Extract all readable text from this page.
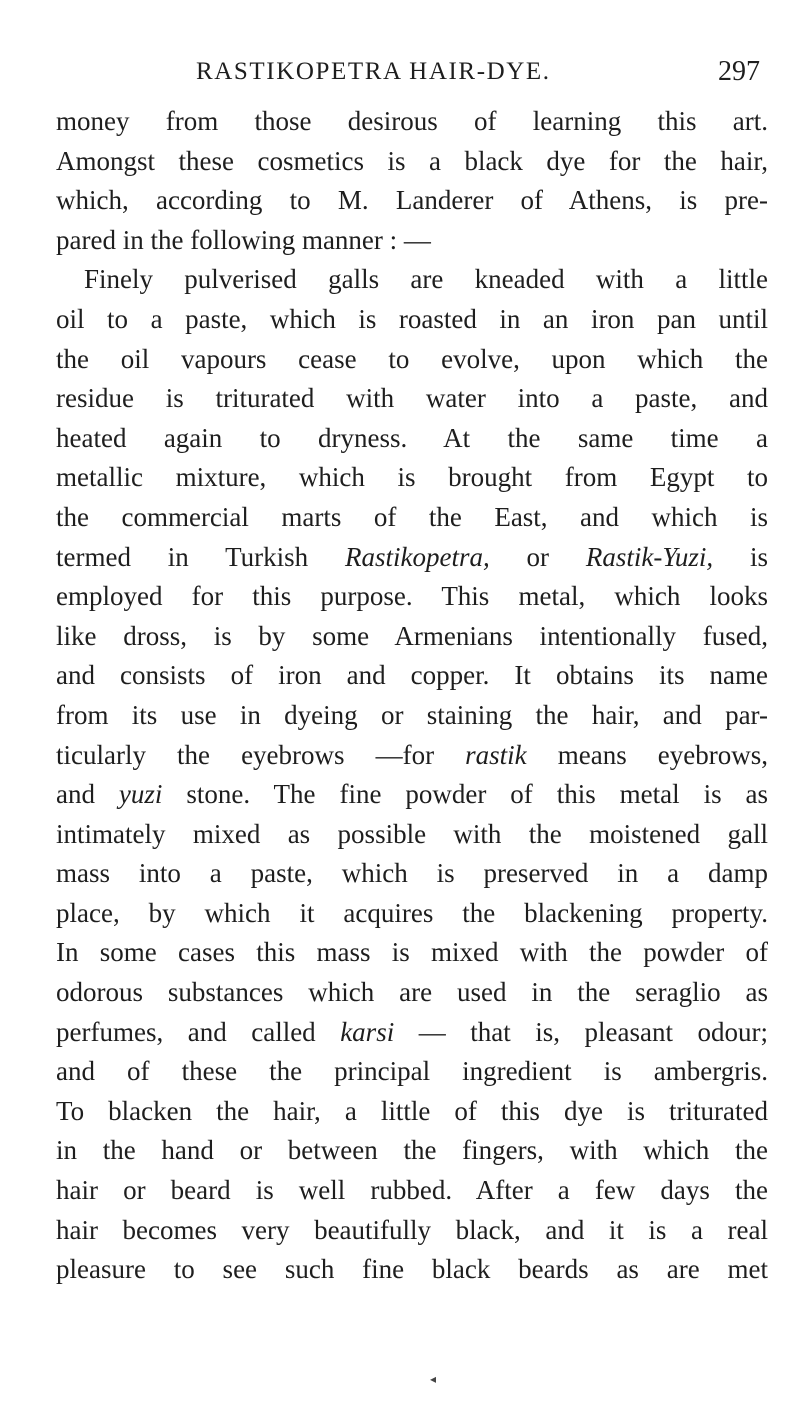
RASTIKOPETRA HAIR-DYE.	297
money from those desirous of learning this art.
Amongst these cosmetics is a black dye for the hair,
which, according to M. Landerer of Athens, is pre-
pared in the following manner : —
Finely pulverised galls are kneaded with a little
oil to a paste, which is roasted in an iron pan until
the oil vapours cease to evolve, upon which the
residue is triturated with water into a paste, and
heated again to dryness. At the same time a
metallic mixture, which is brought from Egypt to
the commercial marts of the East, and which is
termed in Turkish Rastikopetra, or Rastik-Yuzi, is
employed for this purpose. This metal, which looks
like dross, is by some Armenians intentionally fused,
and consists of iron and copper. It obtains its name
from its use in dyeing or staining the hair, and par-
ticularly the eyebrows —for rastik means eyebrows,
and yuzi stone. The fine powder of this metal is as
intimately mixed as possible with the moistened gall
mass into a paste, which is preserved in a damp
place, by which it acquires the blackening property.
In some cases this mass is mixed with the powder of
odorous substances which are used in the seraglio as
perfumes, and called karsi — that is, pleasant odour;
and of these the principal ingredient is ambergris.
To blacken the hair, a little of this dye is triturated
in the hand or between the fingers, with which the
hair or beard is well rubbed. After a few days the
hair becomes very beautifully black, and it is a real
pleasure to see such fine black beards as are met
◂
